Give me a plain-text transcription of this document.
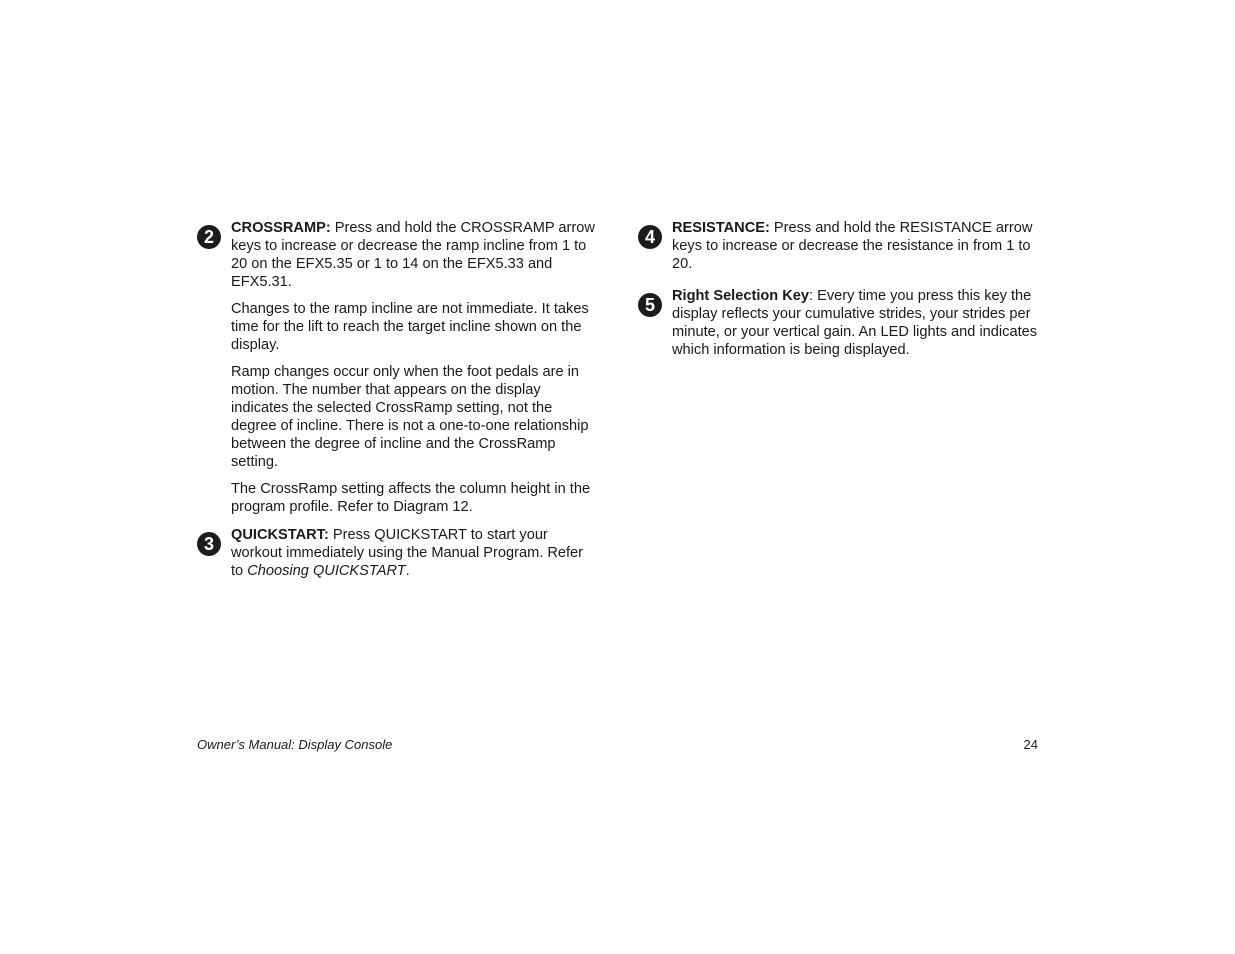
2	CROSSRAMP: Press and hold the CROSSRAMP arrow keys to increase or decrease the ramp incline from 1 to 20 on the EFX5.35 or 1 to 14 on the EFX5.33 and EFX5.31.

Changes to the ramp incline are not immediate. It takes time for the lift to reach the target incline shown on the display.

Ramp changes occur only when the foot pedals are in motion. The number that appears on the display indicates the selected CrossRamp setting, not the degree of incline. There is not a one-to-one relationship between the degree of incline and the CrossRamp setting.

The CrossRamp setting affects the column height in the program profile. Refer to Diagram 12.

3	QUICKSTART: Press QUICKSTART to start your workout immediately using the Manual Program. Refer to Choosing QUICKSTART.

4	RESISTANCE: Press and hold the RESISTANCE arrow keys to increase or decrease the resistance in from 1 to 20.

5	Right Selection Key: Every time you press this key the display reflects your cumulative strides, your strides per minute, or your vertical gain. An LED lights and indicates which information is being displayed.

Owner’s Manual: Display Console	24
